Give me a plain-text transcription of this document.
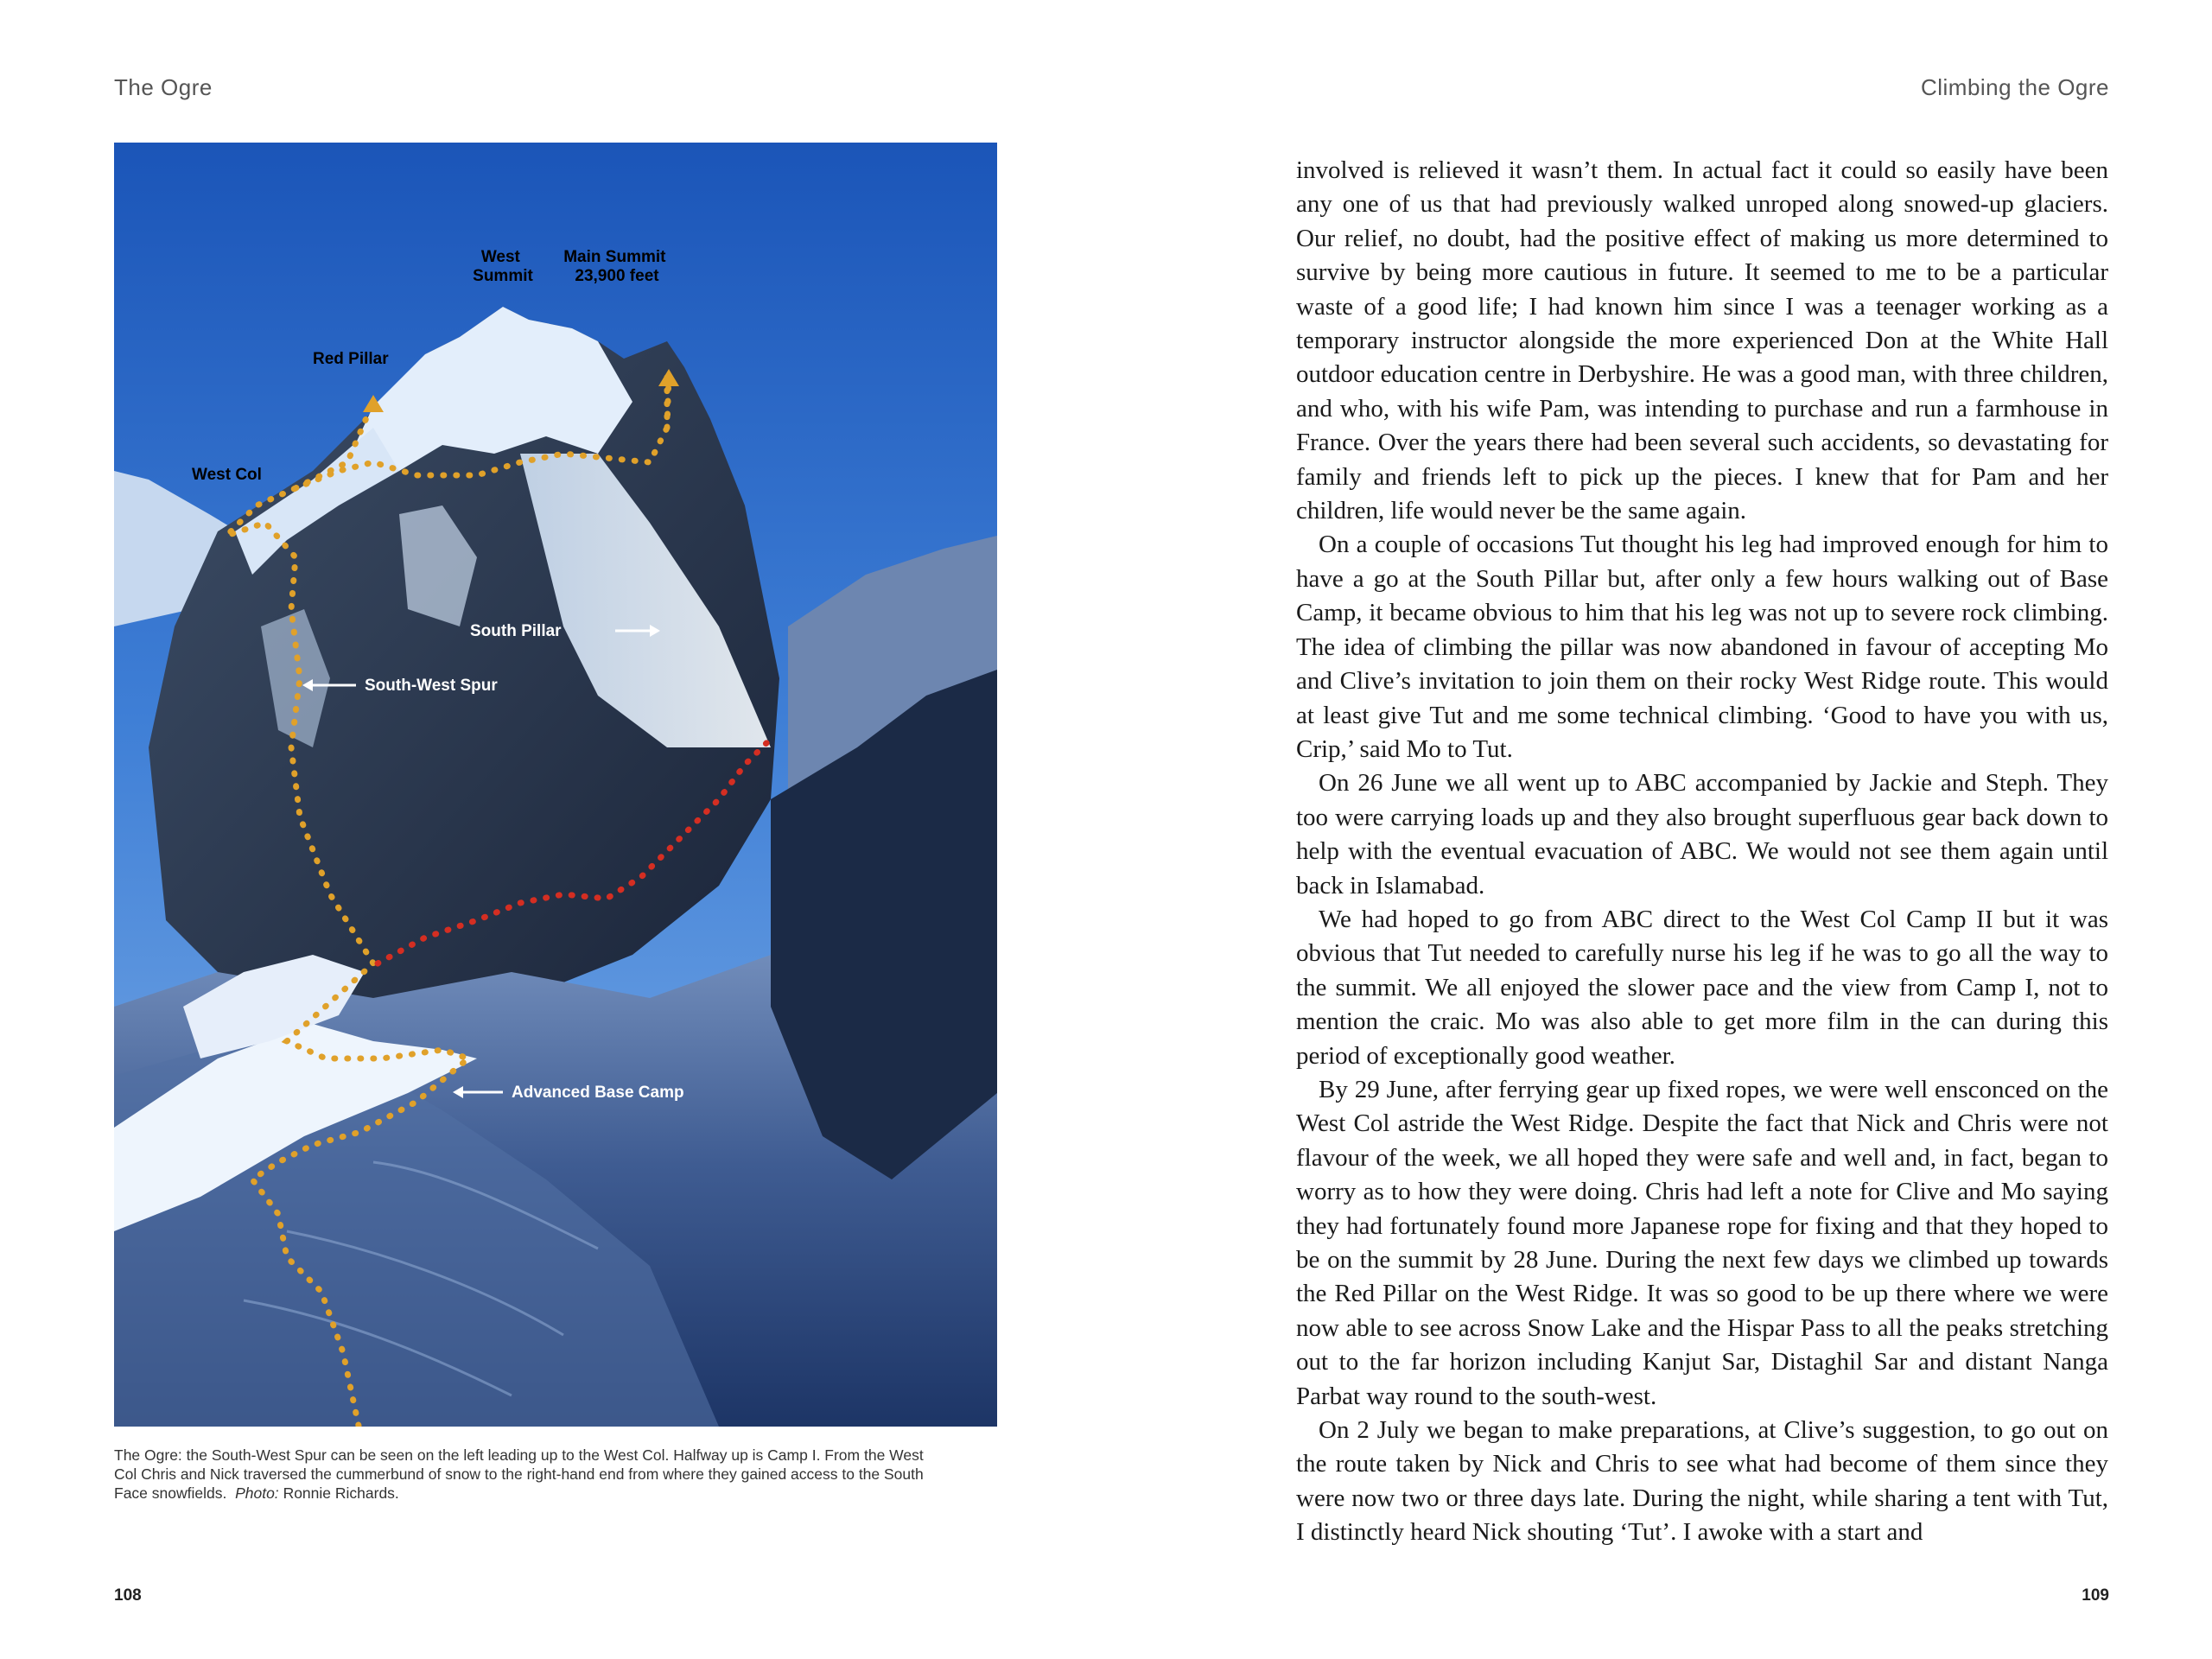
The Ogre	Climbing the Ogre
West Summit
Main Summit 23,900 feet
Red Pillar
West Col
South Pillar
South-West Spur
Advanced Base Camp

The Ogre: the South-West Spur can be seen on the left leading up to the West Col. Halfway up is Camp I. From the West Col Chris and Nick traversed the cummerbund of snow to the right-hand end from where they gained access to the South Face snowfields. Photo: Ronnie Richards.

108

involved is relieved it wasn’t them. In actual fact it could so easily have been any one of us that had previously walked unroped along snowed-up glaciers. Our relief, no doubt, had the positive effect of making us more determined to survive by being more cautious in future. It seemed to me to be a particular waste of a good life; I had known him since I was a teenager working as a temporary instructor alongside the more experienced Don at the White Hall outdoor education centre in Derbyshire. He was a good man, with three children, and who, with his wife Pam, was intending to purchase and run a farmhouse in France. Over the years there had been several such accidents, so devastating for family and friends left to pick up the pieces. I knew that for Pam and her children, life would never be the same again.

On a couple of occasions Tut thought his leg had improved enough for him to have a go at the South Pillar but, after only a few hours walking out of Base Camp, it became obvious to him that his leg was not up to severe rock climbing. The idea of climbing the pillar was now abandoned in favour of accepting Mo and Clive’s invitation to join them on their rocky West Ridge route. This would at least give Tut and me some technical climbing. ‘Good to have you with us, Crip,’ said Mo to Tut.

On 26 June we all went up to ABC accompanied by Jackie and Steph. They too were carrying loads up and they also brought superfluous gear back down to help with the eventual evacuation of ABC. We would not see them again until back in Islamabad.

We had hoped to go from ABC direct to the West Col Camp II but it was obvious that Tut needed to carefully nurse his leg if he was to go all the way to the summit. We all enjoyed the slower pace and the view from Camp I, not to mention the craic. Mo was also able to get more film in the can during this period of exceptionally good weather.

By 29 June, after ferrying gear up fixed ropes, we were well ensconced on the West Col astride the West Ridge. Despite the fact that Nick and Chris were not flavour of the week, we all hoped they were safe and well and, in fact, began to worry as to how they were doing. Chris had left a note for Clive and Mo saying they had fortunately found more Japanese rope for fixing and that they hoped to be on the summit by 28 June. During the next few days we climbed up towards the Red Pillar on the West Ridge. It was so good to be up there where we were now able to see across Snow Lake and the Hispar Pass to all the peaks stretching out to the far horizon including Kanjut Sar, Distaghil Sar and distant Nanga Parbat way round to the south-west.

On 2 July we began to make preparations, at Clive’s suggestion, to go out on the route taken by Nick and Chris to see what had become of them since they were now two or three days late. During the night, while sharing a tent with Tut, I distinctly heard Nick shouting ‘Tut’. I awoke with a start and

109
